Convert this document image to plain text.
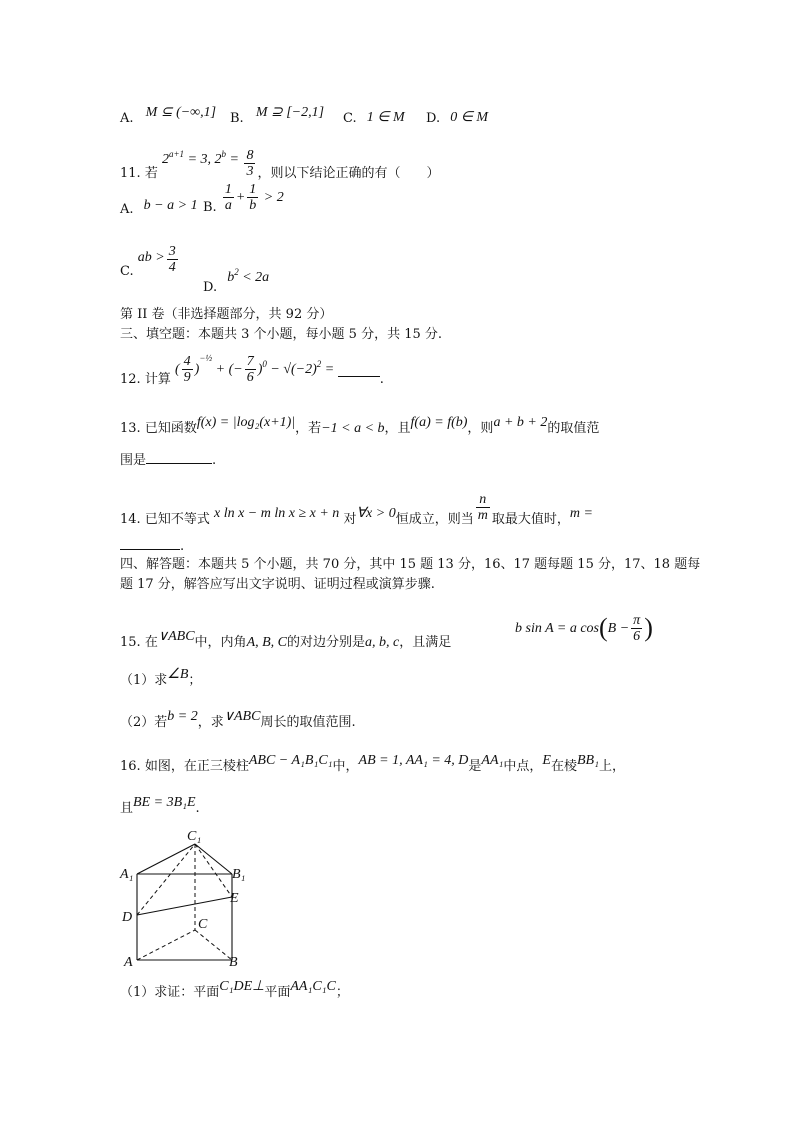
A. M ⊆ (−∞,1] B. M ⊇ [−2,1] C. 1 ∈ M D. 0 ∈ M
11. 若 $2^{a+1} = 3$, $2^b = \frac{8}{3}$ ，则以下结论正确的有（　　）
A. b − a > 1 B. $\frac{1}{a} + \frac{1}{b} > 2$
C. ab > $\frac{3}{4}$
D. $b^2 < 2a$
第 II 卷（非选择题部分，共 92 分）
三、填空题：本题共 3 个小题，每小题 5 分，共 15 分.
12. 计算 ( $\frac{4}{9} )^{-\frac{1}{2}}$ + (− $\frac{7}{6} )^0 - √(-2)^2$ = .
13. 已知函数f(x) = |log₂(x+1)|，若−1 < a < b，且f(a) = f(b)，则a + b + 2的取值范
围是	.
14. 已知不等式 x ln x − m ln x ≥ x + n 对∀x > 0恒成立，则当 $\frac{n}{m}$ 取最大值时，m =
.
四、解答题：本题共 5 个小题，共 70 分，其中 15 题 13 分，16、17 题每题 15 分，17、18 题每
题 17 分，解答应写出文字说明、证明过程或演算步骤.
b sin A = a $\cos(B - \frac{\pi}{6}$ )
15. 在∨ABC中，内角A, B, C的对边分别是a, b, c，且满足
（1）求∠B；
（2）若b = 2，求∨ABC周长的取值范围.
16. 如图，在正三棱柱ABC − A₁B₁C₁中，AB = 1, AA₁ = 4, D是AA₁中点，E在棱BB₁上，
且BE = 3B₁E.
C₁
A₁	B₁
E
D	C
A	B
（1）求证：平面C₁DE⊥平面AA₁C₁C；
